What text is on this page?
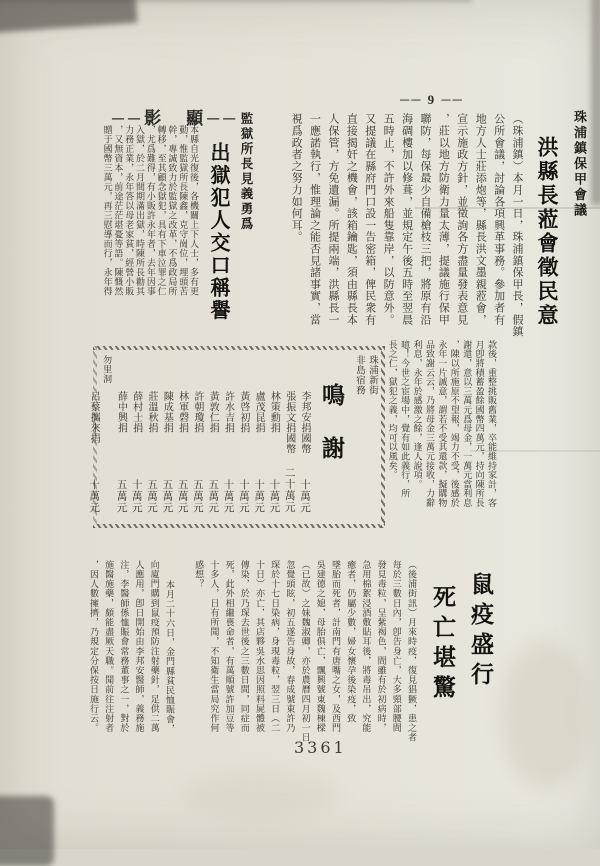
──影　顯──
── 9 ──
珠浦鎮保甲會議
洪縣長蒞會徵民意
（珠浦鎮）本月一日，珠浦鎮保甲長，假鎮
公所會議，討論各項興革事務。參加者有
地方人士莊添炮等，縣長洪文墨親蒞會，
宣示施政方針，並徵詢各方盡量發表意見
，莊以地方防衛力量太薄，提議施行保甲
聯防，每保最少自備槍枝三把，將原有沿
海碉樓加以修葺，並規定午後五時至翌晨
五時止，不許外來船隻靠岸，以防意外。
又提議在縣府門口設一告密箱，俾民衆有
直接揭奸之機會，該箱鑰匙，須由縣長本
人保管，方免遺漏。所提兩端，洪縣長一
一應諾執行，惟理論之能否見諸事實，當
視爲政者之努力如何耳。
監獄所長見義勇爲
出獄犯人交口稱譽
本縣自光復後，各機關上下人士，多有更
動，惟監獄所長陳鑫，克守崗位，埋頭苦
幹，專誠致力於監獄之改革，不爲政局所
轉移，至其顧念獄犯，具有下車泣罪之仁
，尤爲難得，有小販許永年者，去年因事
入獄，於二月間期滿出獄，時陳所長勸其
力務正業，永年答以母老家貧，經營小販
，又無資本，前途茫茫堪憂等語。陳慨然
贈于國幣三萬元，再三慰導而行，永年得
款後，重整挑販舊業，卒能維持家計，客
月卽將積蓄盈餘國幣四萬元，持向陳所長
謝還，意以三萬元爲母金，一萬元當利息
，陳以所施原不望報，竭力不受，後感於
永年一片誠意，謂若不受其還款，擬購物
品致謝云云，乃將母金三萬元接收，力辭
利息，永年於感激之餘，逢人說項。
噫！今世之宦場中，覺有如此義行，所
長之仁，獄犯之義，均可以風矣。
珠浦新街
非島宿務
鳴謝
李邦安捐國幣
十萬元
張振文捐國幣
二十萬元
林策勳捐
十萬元
盧茂昆捐
十萬元
黃啓初捐
十萬元
許水吉捐
十萬元
黃敦仁捐
五萬元
許朝瓊捐
五萬元
林軍磬捐
五萬元
陳成基捐
五萬元
莊溫秋捐
五萬元
薛村士捐
十萬元
薛中興捐
五萬元
勿里洞
呂蔡攜來捐
十萬元
鼠疫盛行
死亡堪驚
（後浦街訊）月來時疫，復見猖獗，患之者
每於三數日內，卽告身亡，大多頸部腰間
發見毒粒，呈紫褐色，間雖有於初病時，
急用棉絮浸酒敷貼耳後，將毒吊出，究能
癒者，仍屬少數，婦女懷孕後染疫，致
墜胎而死者，計南門有唐嘴之女，及西門
吳建德之媳，母胎俱亡，飄興號東魏棟樑
（已故）之妹魏淑卿，亦於農曆四月初一日
忽覺頭眩，初五遂告身故，春成號東許乃
琛於十七日染病，身現毒粒，翌三日（二
十日）亦亡，其店夥吳水思因照料屍體被
傳染，於乃琛去世後之三數日間，同症而
死，此外相繼喪命者，有萬順號許加豆等
十多人，日有所聞，不知衛生當局究作何
感想？
本月二十六日，金門縣貧民恤賑會，
向廈門購到鼠疫預防注射藥針，足供二萬
人應用，卽日開始由李邦安醫師，義務施
注，李醫師係恤賑會常務董事之一，對於
施醫施藥，頗能盡厥天職。聞前往注射者
，因人數擁擠，乃規定分保按日施行云。
3361
